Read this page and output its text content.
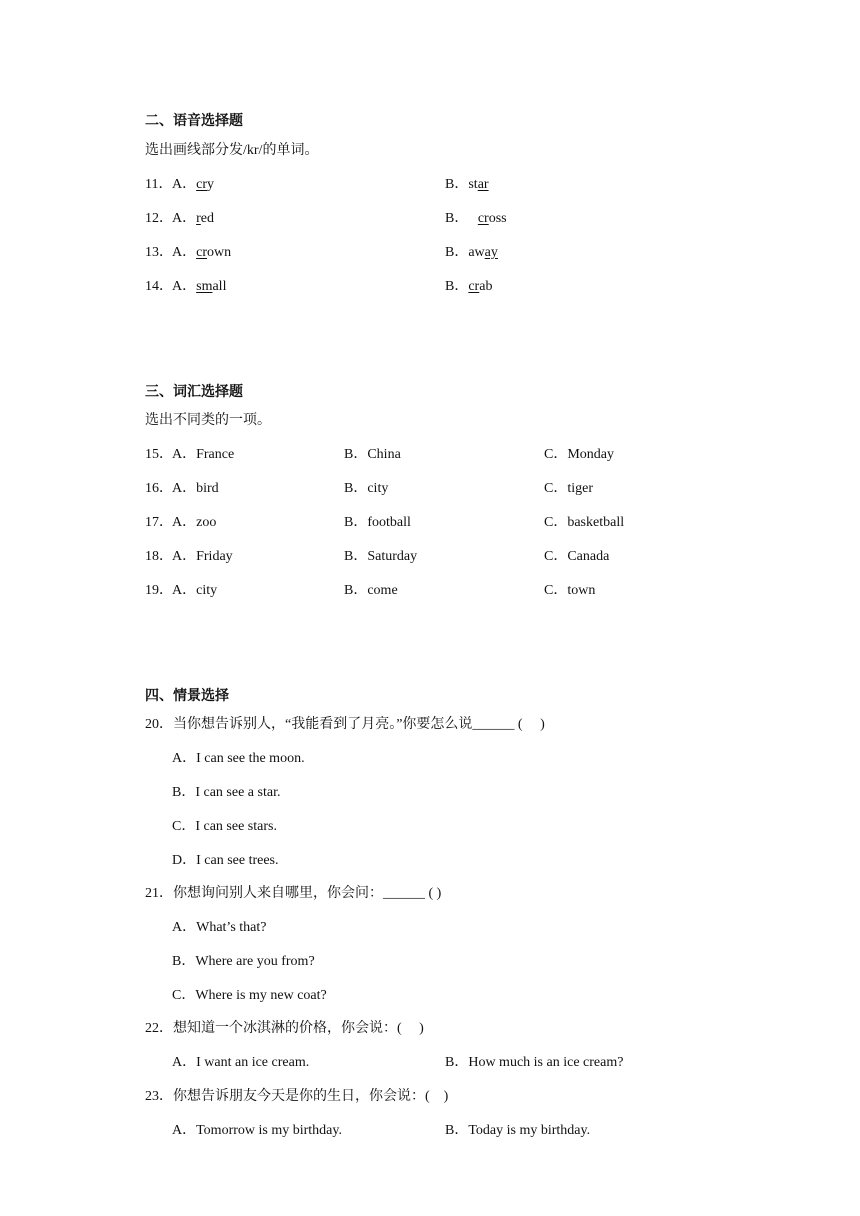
二、语音选择题
选出画线部分发/kr/的单词。
11． A．cry	B．star
12． A．red	B． cross
13． A．crown	B．away
14． A．small	B．crab
三、词汇选择题
选出不同类的一项。
15． A．France	B．China	C．Monday
16． A．bird	B．city	C．tiger
17． A．zoo	B．football	C．basketball
18． A．Friday	B．Saturday	C．Canada
19． A．city	B．come	C．town
四、情景选择
20．当你想告诉别人，“我能看到了月亮。”你要怎么说______ (　 )
A．I can see the moon.
B．I can see a star.
C．I can see stars.
D．I can see trees.
21．你想询问别人来自哪里，你会问：______ ( )
A．What’s that?
B．Where are you from?
C．Where is my new coat?
22．想知道一个冰淇淋的价格，你会说：(　 )
A．I want an ice cream.	B．How much is an ice cream?
23．你想告诉朋友今天是你的生日，你会说：(　)
A．Tomorrow is my birthday.	B．Today is my birthday.
